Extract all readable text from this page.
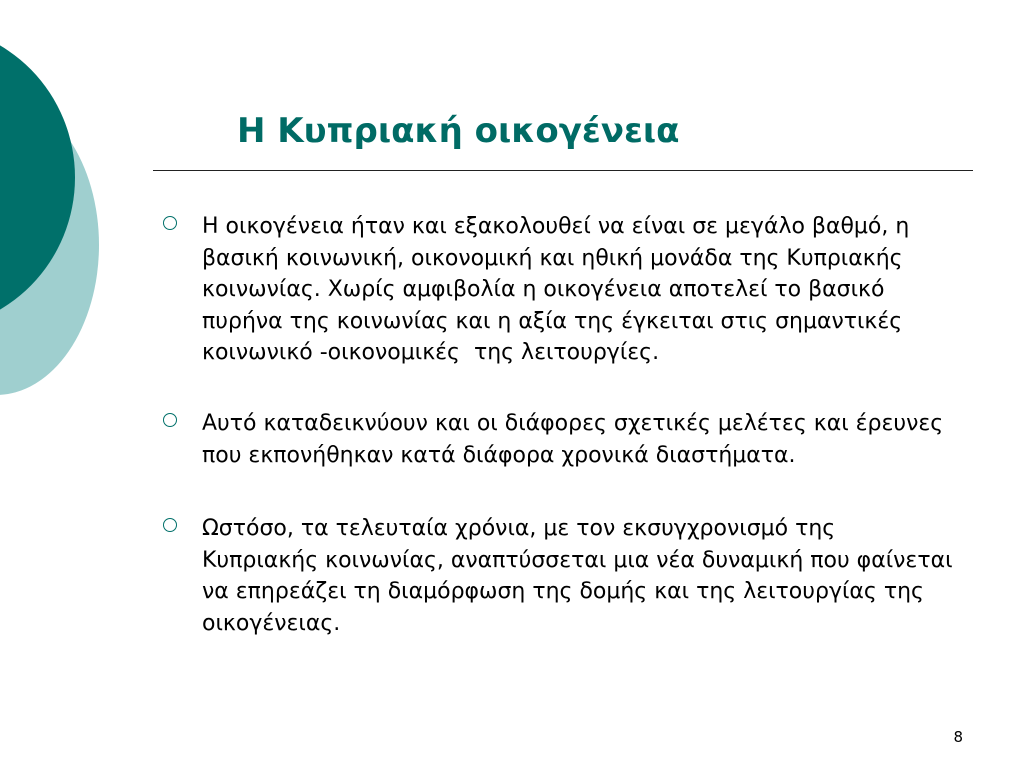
Η Κυπριακή οικογένεια

Η οικογένεια ήταν και εξακολουθεί να είναι σε μεγάλο βαθμό, η
βασική κοινωνική, οικονομική και ηθική μονάδα της Κυπριακής
κοινωνίας. Χωρίς αμφιβολία η οικογένεια αποτελεί το βασικό
πυρήνα της κοινωνίας και η αξία της έγκειται στις σημαντικές
κοινωνικό -οικονομικές  της λειτουργίες.

Αυτό καταδεικνύουν και οι διάφορες σχετικές μελέτες και έρευνες
που εκπονήθηκαν κατά διάφορα χρονικά διαστήματα.

Ωστόσο, τα τελευταία χρόνια, με τον εκσυγχρονισμό της
Κυπριακής κοινωνίας, αναπτύσσεται μια νέα δυναμική που φαίνεται
να επηρεάζει τη διαμόρφωση της δομής και της λειτουργίας της
οικογένειας.

8
